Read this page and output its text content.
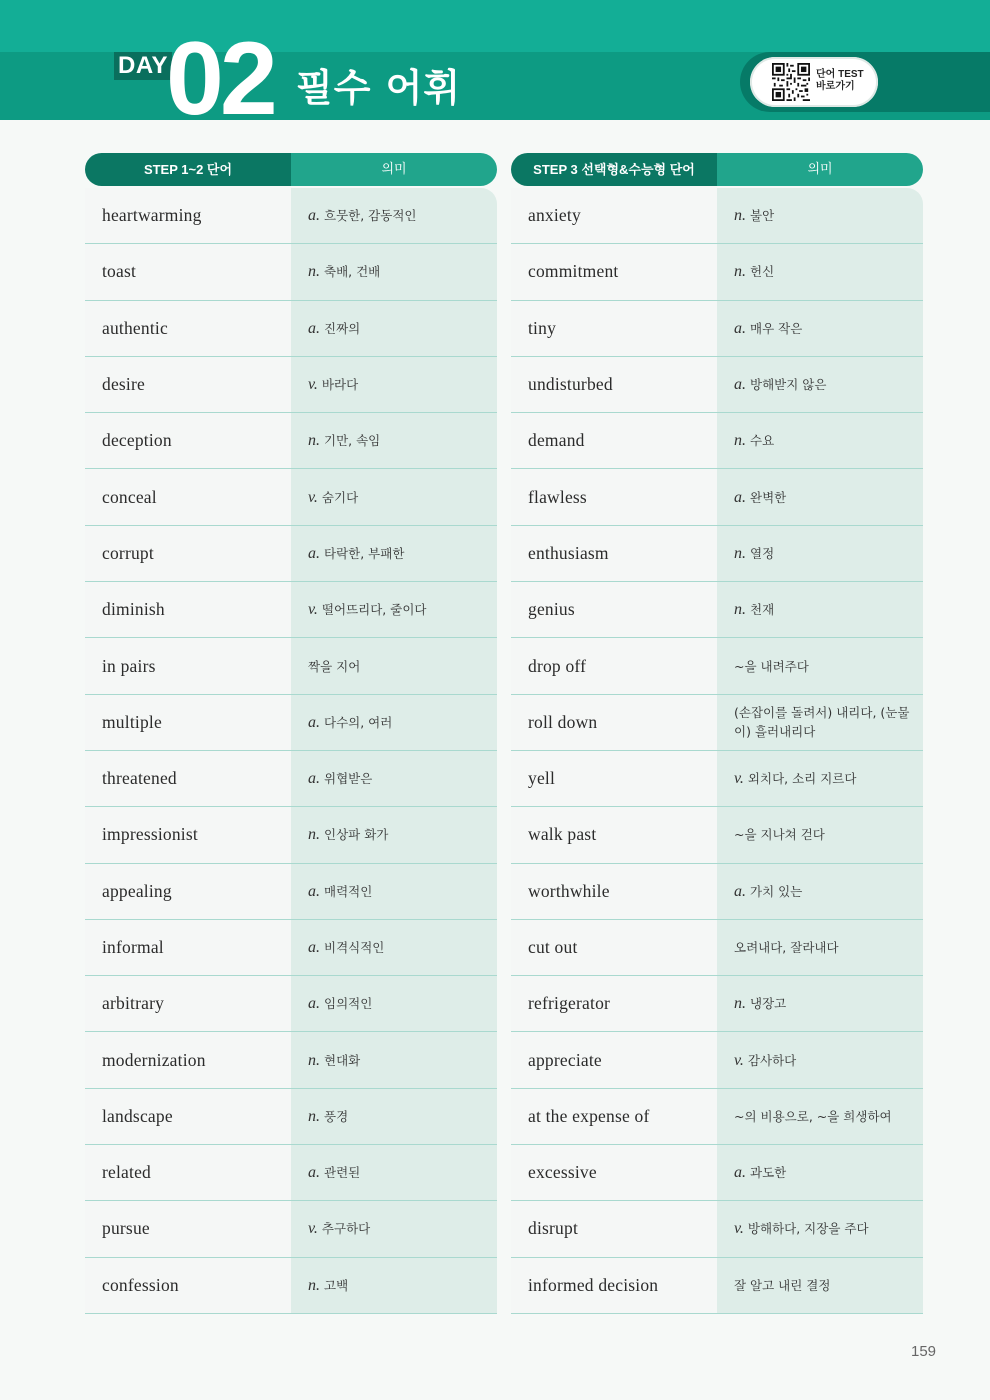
DAY
02 필수 어휘	단어 TEST
바로가기
STEP 1~2 단어	의미
heartwarming	a. 흐뭇한, 감동적인
toast	n. 축배, 건배
authentic	a. 진짜의
desire	v. 바라다
deception	n. 기만, 속임
conceal	v. 숨기다
corrupt	a. 타락한, 부패한
diminish	v. 떨어뜨리다, 줄이다
in pairs	짝을 지어
multiple	a. 다수의, 여러
threatened	a. 위협받은
impressionist	n. 인상파 화가
appealing	a. 매력적인
informal	a. 비격식적인
arbitrary	a. 임의적인
modernization	n. 현대화
landscape	n. 풍경
related	a. 관련된
pursue	v. 추구하다
confession	n. 고백
STEP 3 선택형&수능형 단어	의미
anxiety	n. 불안
commitment	n. 헌신
tiny	a. 매우 작은
undisturbed	a. 방해받지 않은
demand	n. 수요
flawless	a. 완벽한
enthusiasm	n. 열정
genius	n. 천재
drop off	~을 내려주다
roll down	(손잡이를 돌려서) 내리다, (눈물이) 흘러내리다
yell	v. 외치다, 소리 지르다
walk past	~을 지나쳐 걷다
worthwhile	a. 가치 있는
cut out	오려내다, 잘라내다
refrigerator	n. 냉장고
appreciate	v. 감사하다
at the expense of	~의 비용으로, ~을 희생하여
excessive	a. 과도한
disrupt	v. 방해하다, 지장을 주다
informed decision	잘 알고 내린 결정
159
